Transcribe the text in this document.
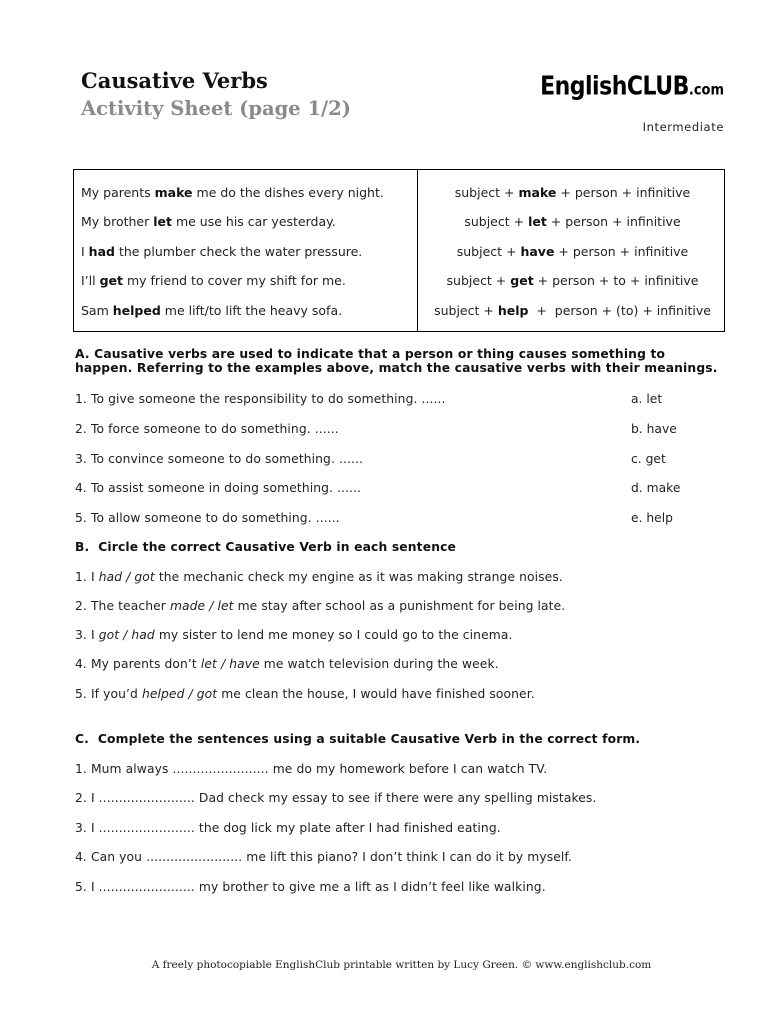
Causative Verbs
Activity Sheet (page 1/2)
EnglishCLUB.com
Intermediate
My parents make me do the dishes every night.
My brother let me use his car yesterday.
I had the plumber check the water pressure.
I’ll get my friend to cover my shift for me.
Sam helped me lift/to lift the heavy sofa.
subject + make + person + infinitive
subject + let + person + infinitive
subject + have + person + infinitive
subject + get + person + to + infinitive
subject + help  +  person + (to) + infinitive
A. Causative verbs are used to indicate that a person or thing causes something to
happen. Referring to the examples above, match the causative verbs with their meanings.
1. To give someone the responsibility to do something. ......
2. To force someone to do something. ......
3. To convince someone to do something. ......
4. To assist someone in doing something. ......
5. To allow someone to do something. ......
a. let
b. have
c. get
d. make
e. help
B.  Circle the correct Causative Verb in each sentence
1. I had / got the mechanic check my engine as it was making strange noises.
2. The teacher made / let me stay after school as a punishment for being late.
3. I got / had my sister to lend me money so I could go to the cinema.
4. My parents don’t let / have me watch television during the week.
5. If you’d helped / got me clean the house, I would have finished sooner.
C.  Complete the sentences using a suitable Causative Verb in the correct form.
1. Mum always ........................ me do my homework before I can watch TV.
2. I ........................ Dad check my essay to see if there were any spelling mistakes.
3. I ........................ the dog lick my plate after I had finished eating.
4. Can you ........................ me lift this piano? I don’t think I can do it by myself.
5. I ........................ my brother to give me a lift as I didn’t feel like walking.
A freely photocopiable EnglishClub printable written by Lucy Green. © www.englishclub.com
